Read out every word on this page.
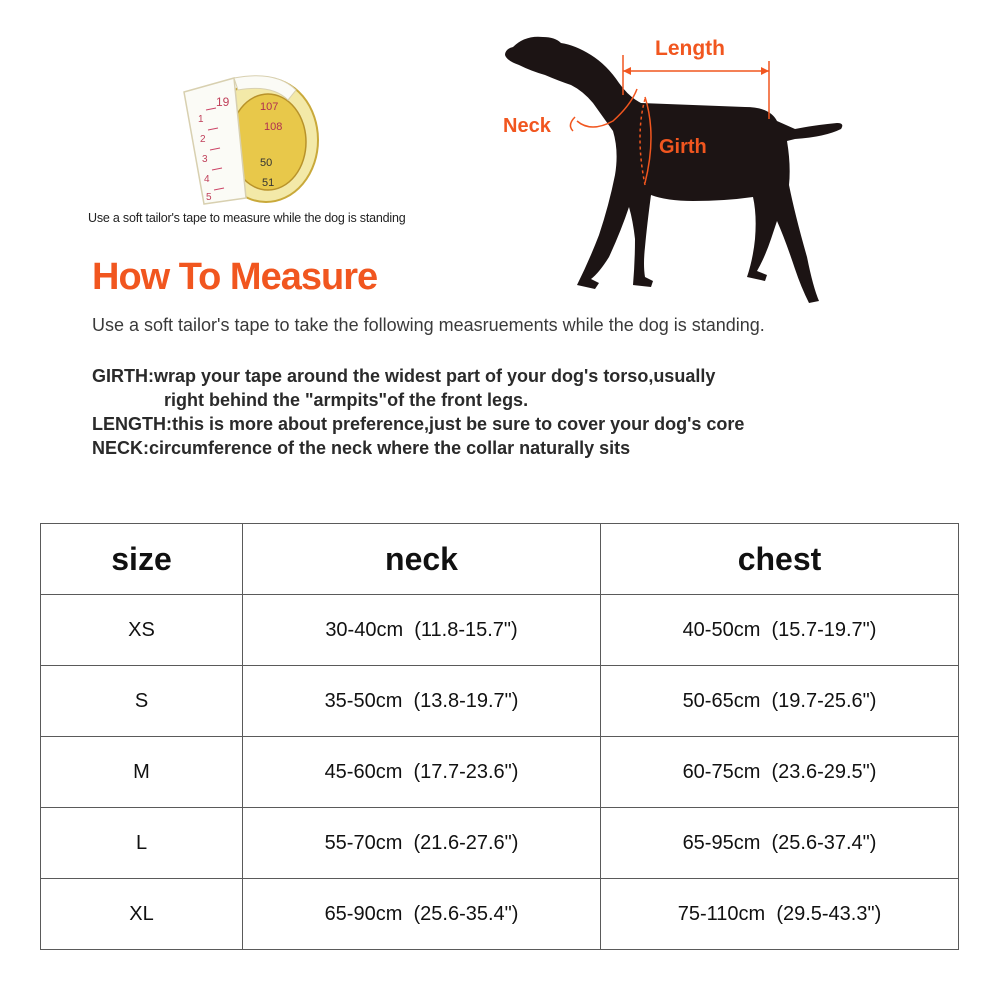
19	107
108
50
51
1
2
3
4
5
Use a soft tailor's tape to measure while the dog is standing
Length
Neck
Girth
How To Measure
Use a soft tailor's tape to take the following measruements while the dog is standing.
GIRTH:wrap your tape around the widest part of your dog's torso,usually
right behind the "armpits"of the front legs.
LENGTH:this is more about preference,just be sure to cover your dog's core
NECK:circumference of the neck where the collar naturally sits
size	neck	chest
XS	30-40cm  (11.8-15.7")	40-50cm  (15.7-19.7")
S	35-50cm  (13.8-19.7")	50-65cm  (19.7-25.6")
M	45-60cm  (17.7-23.6")	60-75cm  (23.6-29.5")
L	55-70cm  (21.6-27.6")	65-95cm  (25.6-37.4")
XL	65-90cm  (25.6-35.4")	75-110cm  (29.5-43.3")
